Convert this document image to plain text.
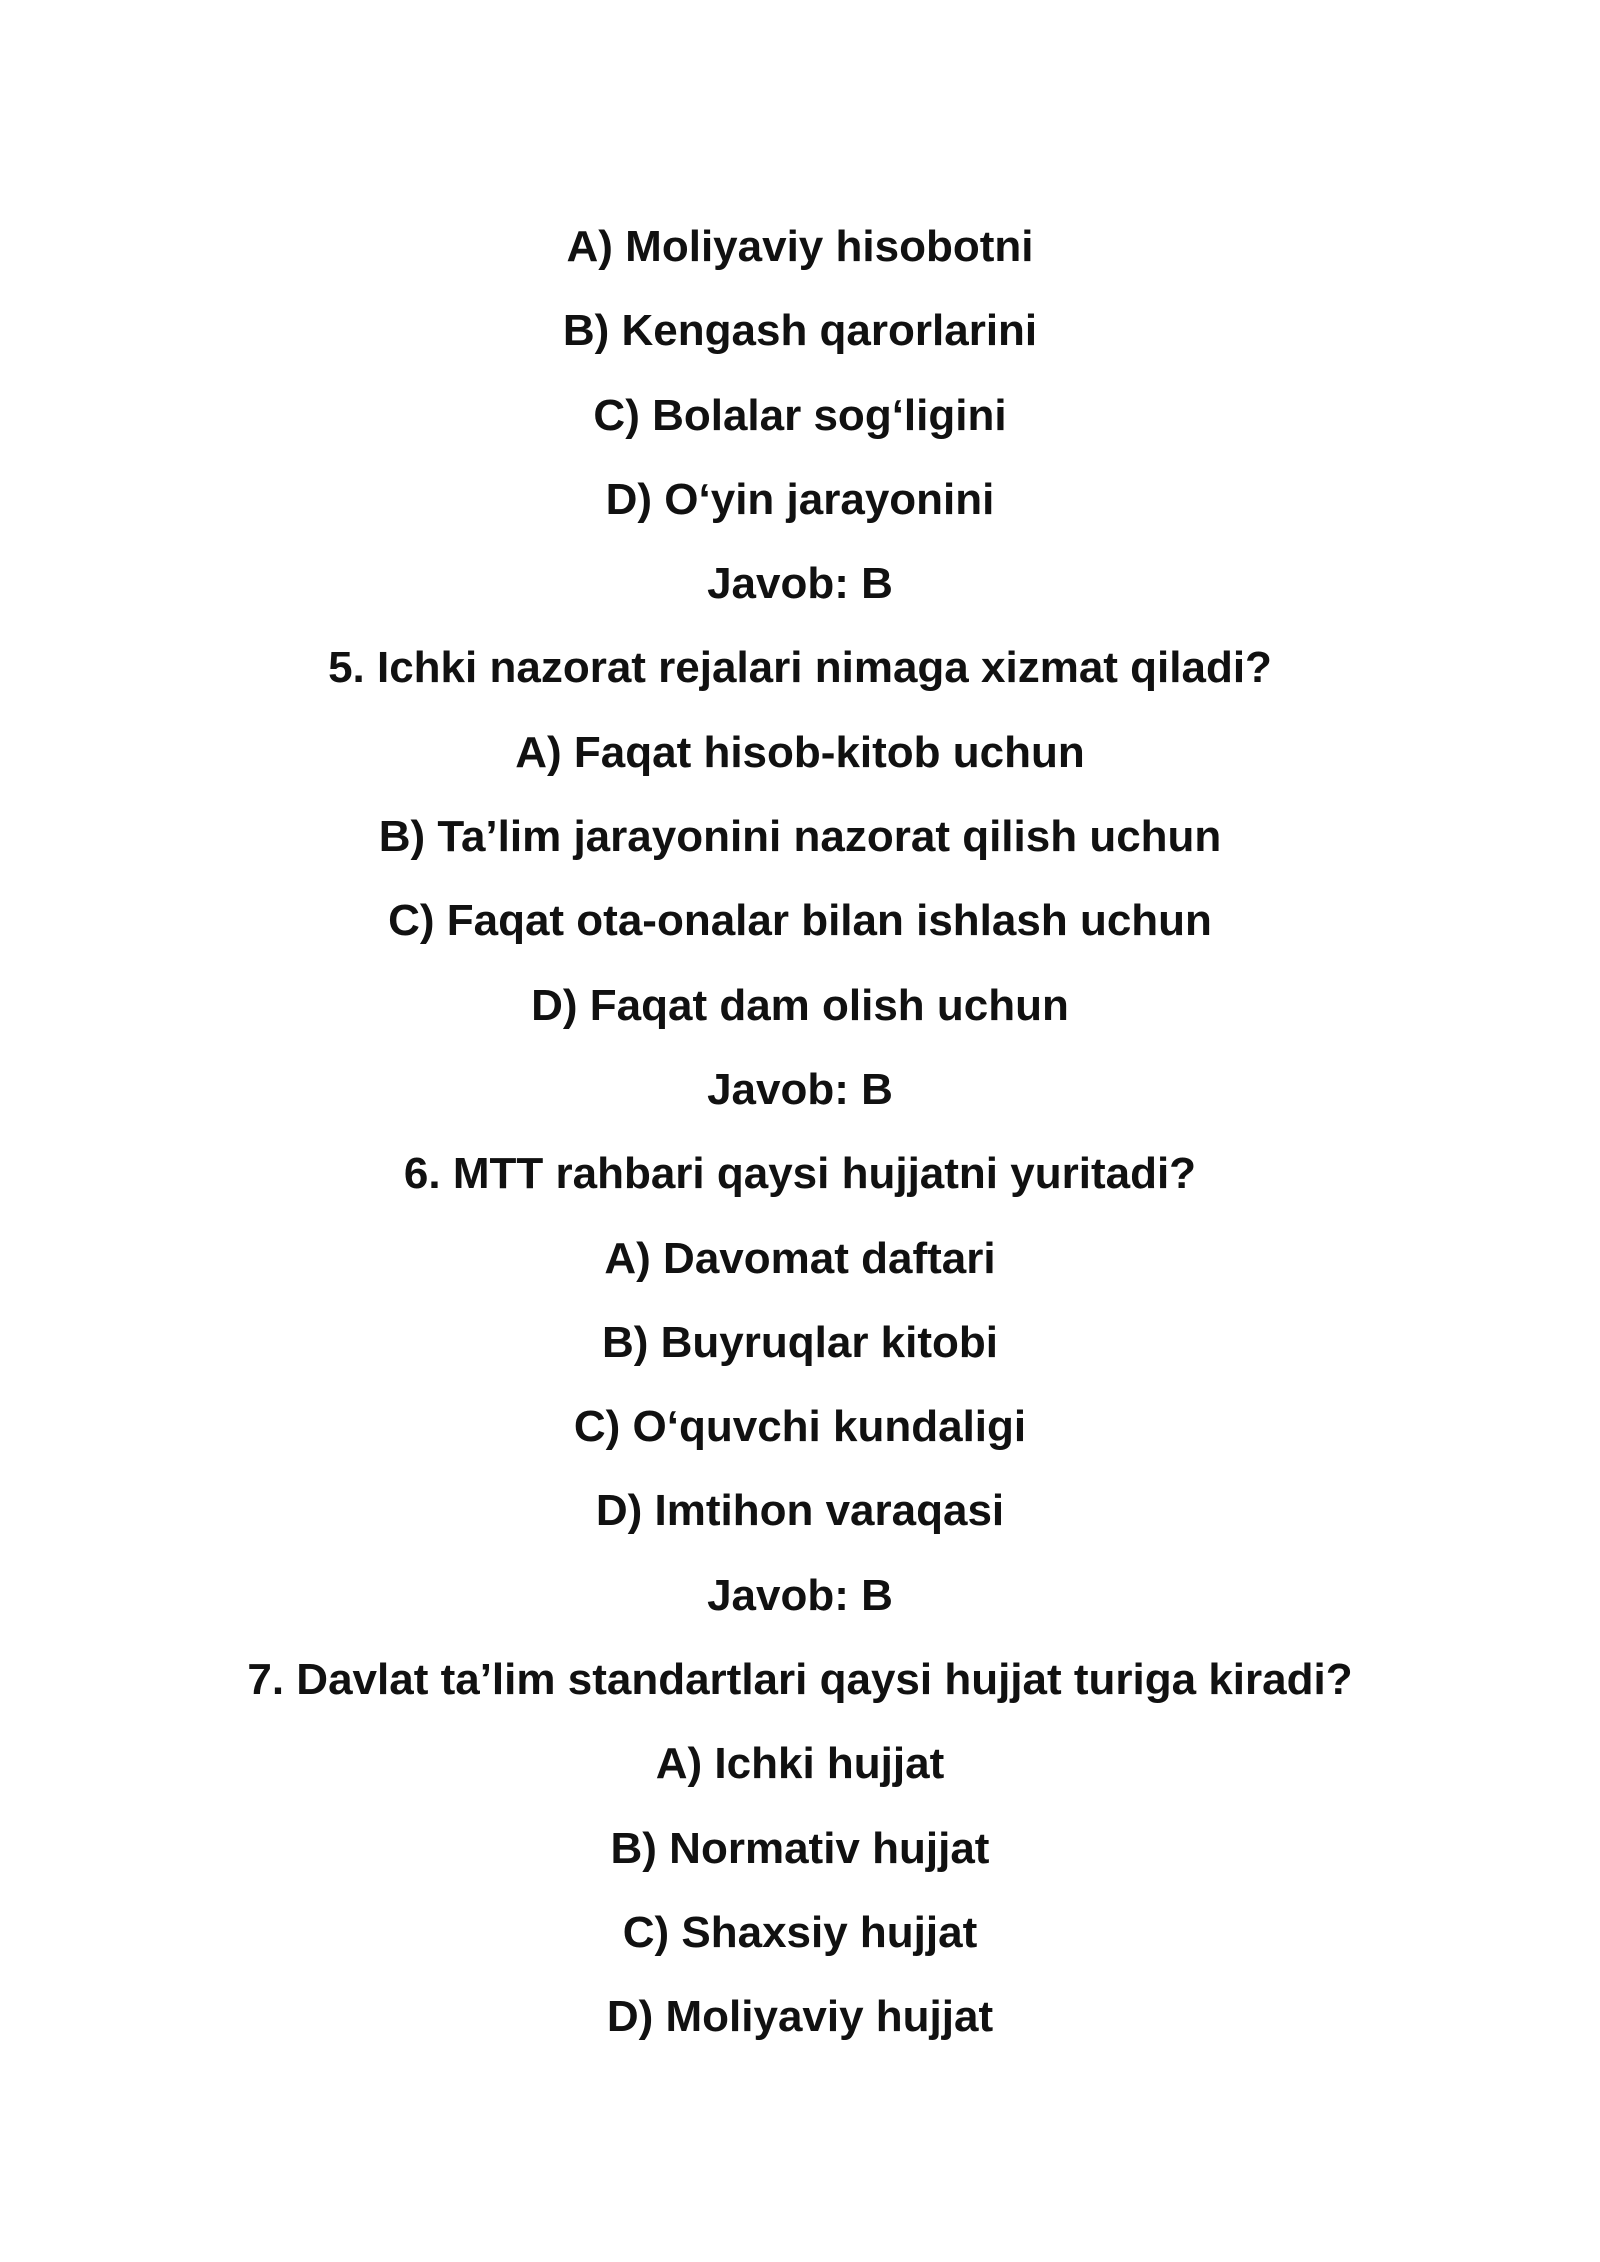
A) Moliyaviy hisobotni
B) Kengash qarorlarini
C) Bolalar sog‘ligini
D) O‘yin jarayonini
Javob: B
5. Ichki nazorat rejalari nimaga xizmat qiladi?
A) Faqat hisob-kitob uchun
B) Ta’lim jarayonini nazorat qilish uchun
C) Faqat ota-onalar bilan ishlash uchun
D) Faqat dam olish uchun
Javob: B
6. MTT rahbari qaysi hujjatni yuritadi?
A) Davomat daftari
B) Buyruqlar kitobi
C) O‘quvchi kundaligi
D) Imtihon varaqasi
Javob: B
7. Davlat ta’lim standartlari qaysi hujjat turiga kiradi?
A) Ichki hujjat
B) Normativ hujjat
C) Shaxsiy hujjat
D) Moliyaviy hujjat
